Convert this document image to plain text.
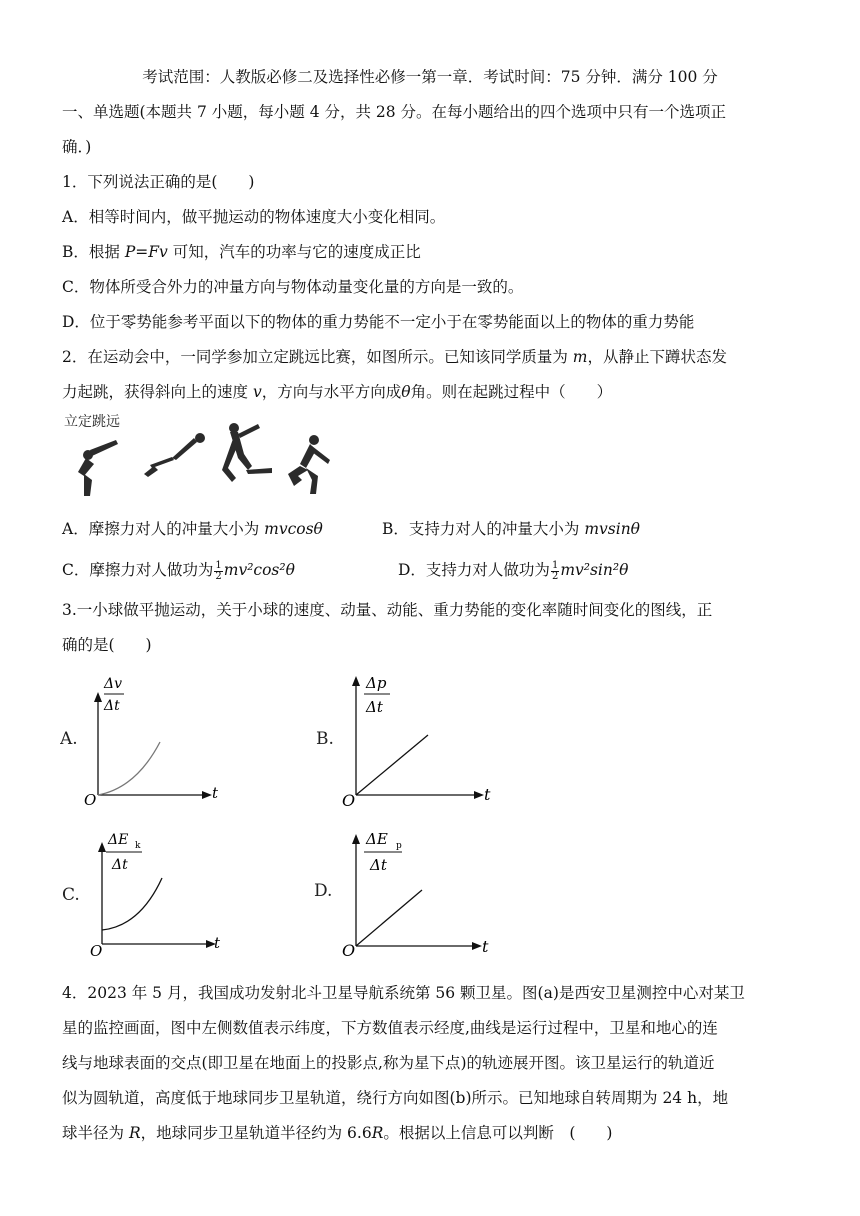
考试范围：人教版必修二及选择性必修一第一章．考试时间：75 分钟．满分 100 分
一、单选题(本题共 7 小题，每小题 4 分，共 28 分。在每小题给出的四个选项中只有一个选项正
确．)
1．下列说法正确的是(　　)
A．相等时间内，做平抛运动的物体速度大小变化相同。
B．根据 P=Fv 可知，汽车的功率与它的速度成正比
C．物体所受合外力的冲量方向与物体动量变化量的方向是一致的。
D．位于零势能参考平面以下的物体的重力势能不一定小于在零势能面以上的物体的重力势能
2．在运动会中，一同学参加立定跳远比赛，如图所示。已知该同学质量为 m，从静止下蹲状态发
力起跳，获得斜向上的速度 v，方向与水平方向成θ角。则在起跳过程中（　　）
立定跳远
A．摩擦力对人的冲量大小为 mvcosθ	B．支持力对人的冲量大小为 mvsinθ
C．摩擦力对人做功为 $\frac{1}{2} mv^2\cos^2\theta$	D．支持力对人做功为 $\frac{1}{2} mv^2\sin^2\theta$
3.一小球做平抛运动，关于小球的速度、动量、动能、重力势能的变化率随时间变化的图线，正
确的是(　　)
A.
Δv
Δt
O	t
B.
Δp
Δt
O	t
C.
ΔE k
Δt
O	t
D.
ΔE p
Δt
O	t
4．2023 年 5 月，我国成功发射北斗卫星导航系统第 56 颗卫星。图(a)是西安卫星测控中心对某卫
星的监控画面，图中左侧数值表示纬度，下方数值表示经度,曲线是运行过程中，卫星和地心的连
线与地球表面的交点(即卫星在地面上的投影点,称为星下点)的轨迹展开图。该卫星运行的轨道近
似为圆轨道，高度低于地球同步卫星轨道，绕行方向如图(b)所示。已知地球自转周期为 24 h，地
球半径为 R，地球同步卫星轨道半径约为 6.6R。根据以上信息可以判断　(　　)
